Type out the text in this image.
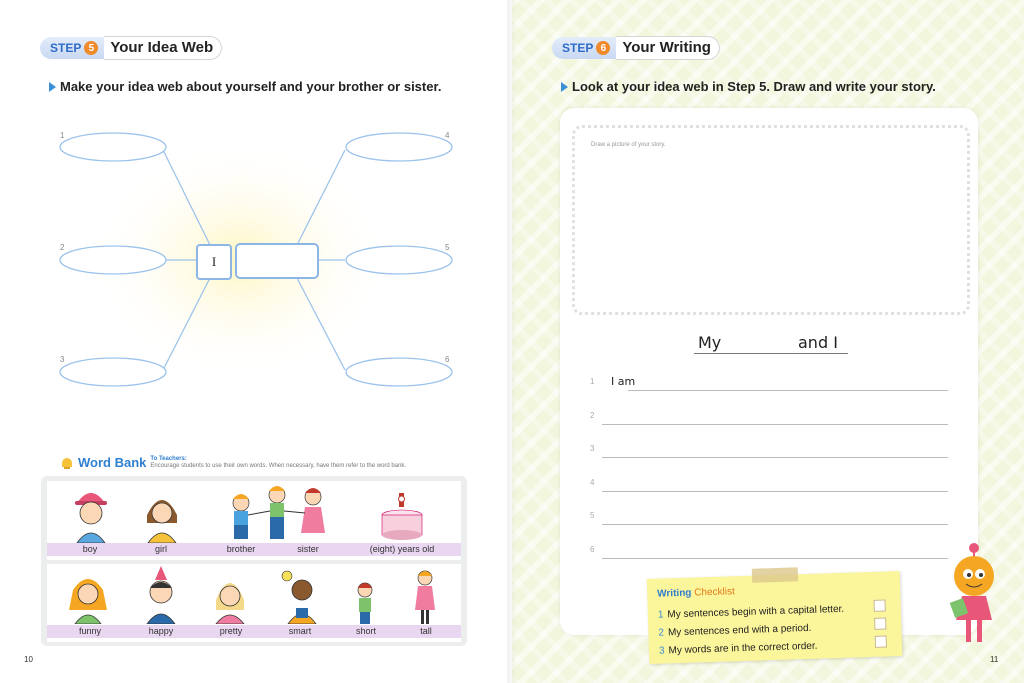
STEP 5	Your Idea Web
Make your idea web about yourself and your brother or sister.
1
2
3
4
5
6
I
Word Bank To Teachers:
Encourage students to use their own words. When necessary, have them refer to the word bank.
boy	girl	brother	sister	(eight) years old
funny	happy	pretty	smart	short	tall
10
STEP 6	Your Writing
Look at your idea web in Step 5. Draw and write your story.
Draw a picture of your story.
My	and I
1 I am
2
3
4
5
6
Writing Checklist
1 My sentences begin with a capital letter.
2 My sentences end with a period.
3 My words are in the correct order.
11
